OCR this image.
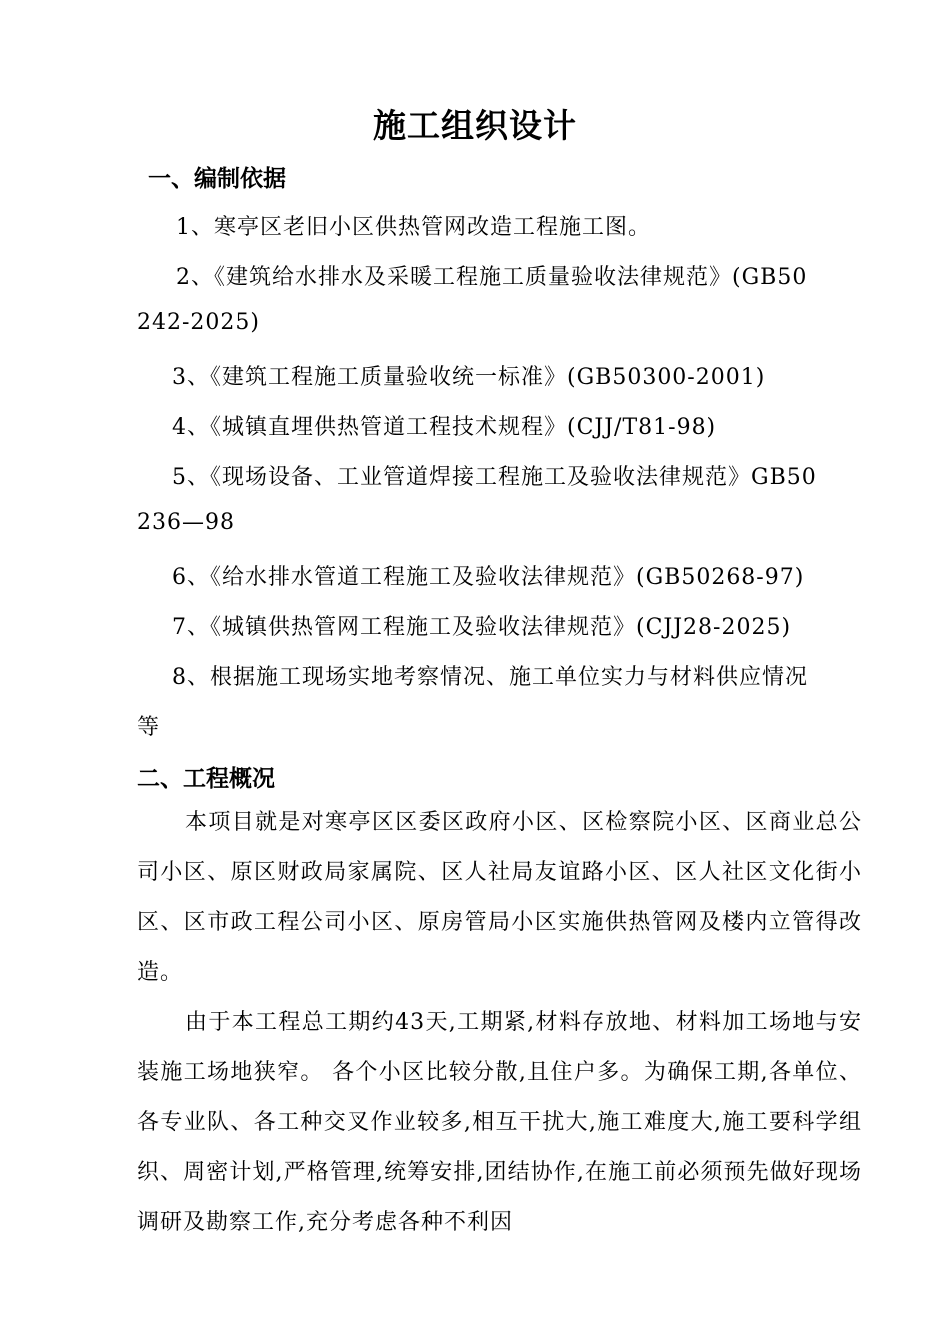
施工组织设计
一、编制依据
1、寒亭区老旧小区供热管网改造工程施工图。
2、《建筑给水排水及采暖工程施工质量验收法律规范》(GB50
242-2025)
3、《建筑工程施工质量验收统一标准》(GB50300-2001)
4、《城镇直埋供热管道工程技术规程》(CJJ/T81-98)
5、《现场设备、工业管道焊接工程施工及验收法律规范》GB50
236—98
6、《给水排水管道工程施工及验收法律规范》(GB50268-97)
7、《城镇供热管网工程施工及验收法律规范》(CJJ28-2025)
8、根据施工现场实地考察情况、施工单位实力与材料供应情况
等
二、工程概况
本项目就是对寒亭区区委区政府小区、区检察院小区、区商业总公司小区、原区财政局家属院、区人社局友谊路小区、区人社区文化街小区、区市政工程公司小区、原房管局小区实施供热管网及楼内立管得改造。
由于本工程总工期约43天,工期紧,材料存放地、材料加工场地与安装施工场地狭窄。 各个小区比较分散,且住户多。为确保工期,各单位、各专业队、各工种交叉作业较多,相互干扰大,施工难度大,施工要科学组织、周密计划,严格管理,统筹安排,团结协作,在施工前必须预先做好现场调研及勘察工作,充分考虑各种不利因
